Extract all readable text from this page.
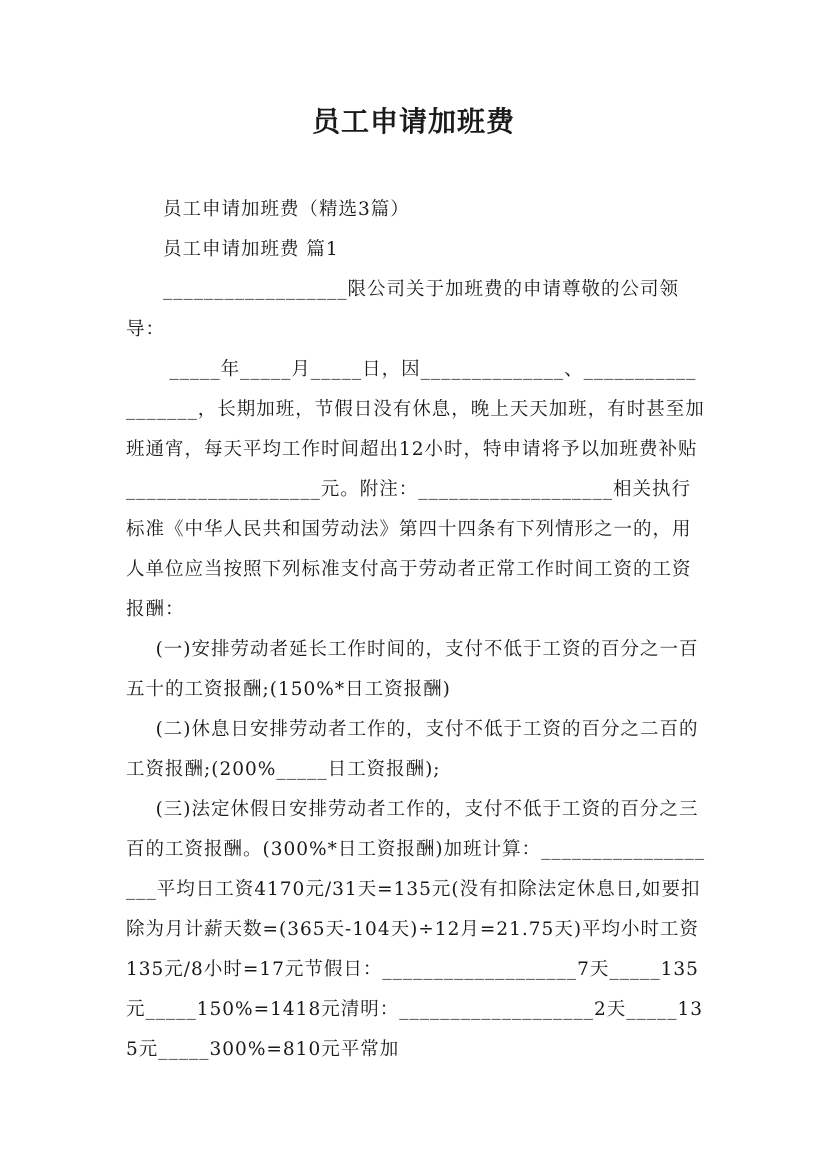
员工申请加班费

员工申请加班费（精选3篇）

员工申请加班费 篇1

__________________限公司关于加班费的申请尊敬的公司领导：

_____年_____月_____日，因______________、__________________，长期加班，节假日没有休息，晚上天天加班，有时甚至加班通宵，每天平均工作时间超出12小时，特申请将予以加班费补贴___________________元。附注：___________________相关执行标准《中华人民共和国劳动法》第四十四条有下列情形之一的，用人单位应当按照下列标准支付高于劳动者正常工作时间工资的工资报酬：

(一)安排劳动者延长工作时间的，支付不低于工资的百分之一百五十的工资报酬;(150%*日工资报酬)

(二)休息日安排劳动者工作的，支付不低于工资的百分之二百的工资报酬;(200%_____日工资报酬);

(三)法定休假日安排劳动者工作的，支付不低于工资的百分之三百的工资报酬。(300%*日工资报酬)加班计算：___________________平均日工资4170元/31天=135元(没有扣除法定休息日,如要扣除为月计薪天数=(365天-104天)÷12月=21.75天)平均小时工资135元/8小时=17元节假日：___________________7天_____135元_____150%=1418元清明：___________________2天_____135元_____300%=810元平常加
